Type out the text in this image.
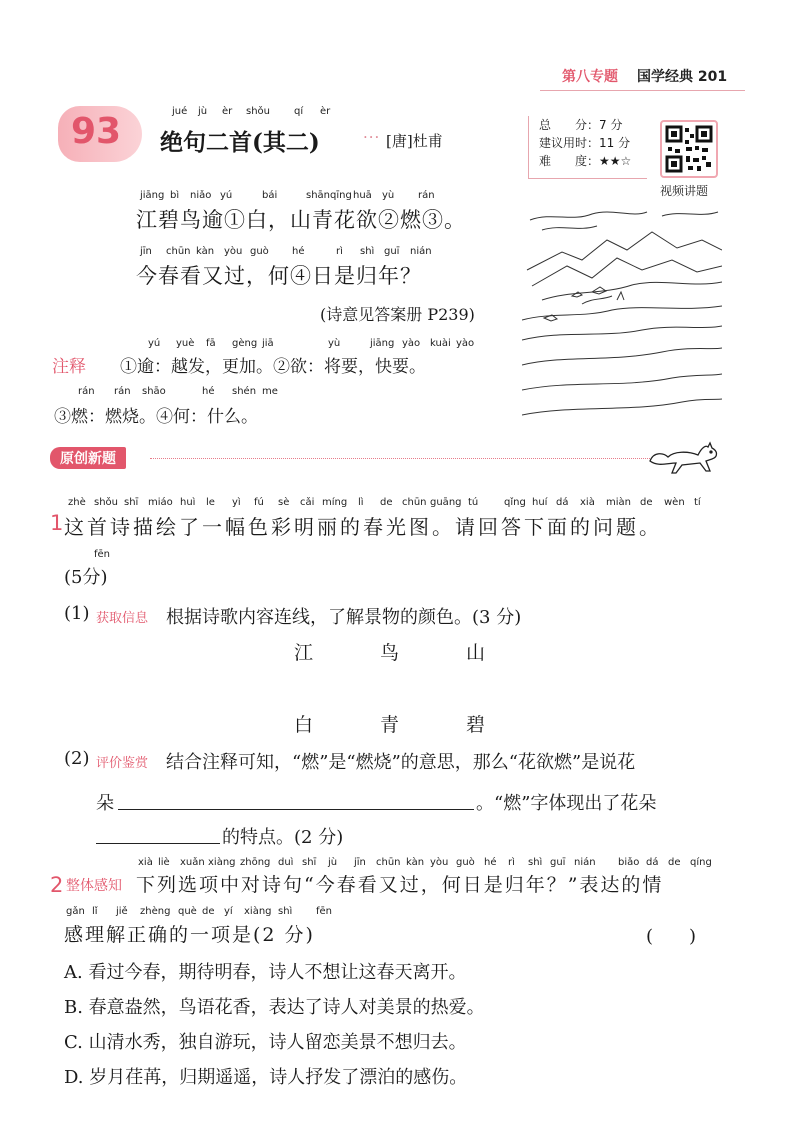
第八专题 国学经典 201
93	jué jù èr shǒu qí èr
绝句二首(其二)	··· [唐]杜甫
总　　分：7 分
建议用时：11 分
难　　度：★★☆
视频讲题
jiāng bì niǎo yú	bái	shānqīng huā yù rán
江碧鸟逾①白，山青花欲②燃③。
jīn chūn kàn yòu guò hé	rì shì guī nián
今春看又过，何④日是归年？
(诗意见答案册 P239)
yú yuè fā gèng jiā	yù	jiāng yào kuài yào
注释 ①逾：越发，更加。②欲：将要，快要。
rán rán shāo	hé shén me
③燃：燃烧。④何：什么。
原创新题
zhè shǒu shī miáo huì le yì fú sè cǎi míng lì de chūn guāng tú	qǐng huí dá xià miàn de wèn tí
1 这首诗描绘了一幅色彩明丽的春光图。请回答下面的问题。
fēn
(5分)
(1) 获取信息 根据诗歌内容连线，了解景物的颜色。(3 分)
江	鸟	山
白	青	碧
(2) 评价鉴赏 结合注释可知，“燃”是“燃烧”的意思，那么“花欲燃”是说花
朵	。“燃”字体现出了花朵
的特点。(2 分)
xià liè xuǎn xiàng zhōng duì shī jù jīn chūn kàn yòu guò hé rì shì guī nián biǎo dá de qíng
2 整体感知 下列选项中对诗句“今春看又过，何日是归年？”表达的情
gǎn lǐ jiě zhèng què de yí xiàng shì fēn
感理解正确的一项是(2 分)	(　　)
A. 看过今春，期待明春，诗人不想让这春天离开。
B. 春意盎然，鸟语花香，表达了诗人对美景的热爱。
C. 山清水秀，独自游玩，诗人留恋美景不想归去。
D. 岁月荏苒，归期遥遥，诗人抒发了漂泊的感伤。
